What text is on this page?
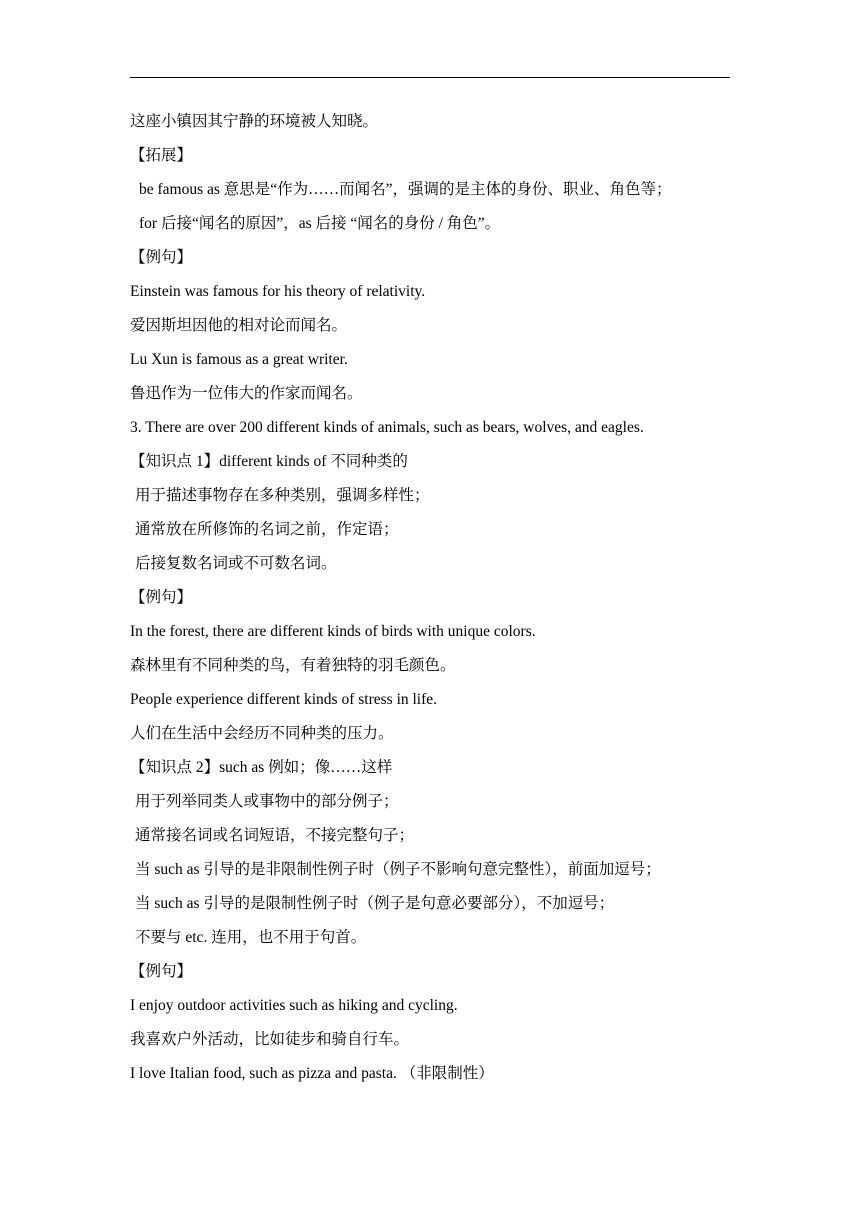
这座小镇因其宁静的环境被人知晓。
【拓展】
be famous as 意思是“作为……而闻名”，强调的是主体的身份、职业、角色等；
for 后接“闻名的原因”，as 后接 “闻名的身份 / 角色”。
【例句】
Einstein was famous for his theory of relativity.
爱因斯坦因他的相对论而闻名。
Lu Xun is famous as a great writer.
鲁迅作为一位伟大的作家而闻名。
3. There are over 200 different kinds of animals, such as bears, wolves, and eagles.
【知识点 1】different kinds of 不同种类的
用于描述事物存在多种类别，强调多样性；
通常放在所修饰的名词之前，作定语；
后接复数名词或不可数名词。
【例句】
In the forest, there are different kinds of birds with unique colors.
森林里有不同种类的鸟，有着独特的羽毛颜色。
People experience different kinds of stress in life.
人们在生活中会经历不同种类的压力。
【知识点 2】such as 例如；像……这样
用于列举同类人或事物中的部分例子；
通常接名词或名词短语，不接完整句子；
当 such as 引导的是非限制性例子时（例子不影响句意完整性），前面加逗号；
当 such as 引导的是限制性例子时（例子是句意必要部分），不加逗号；
不要与 etc. 连用，也不用于句首。
【例句】
I enjoy outdoor activities such as hiking and cycling.
我喜欢户外活动，比如徒步和骑自行车。
I love Italian food, such as pizza and pasta. （非限制性）
